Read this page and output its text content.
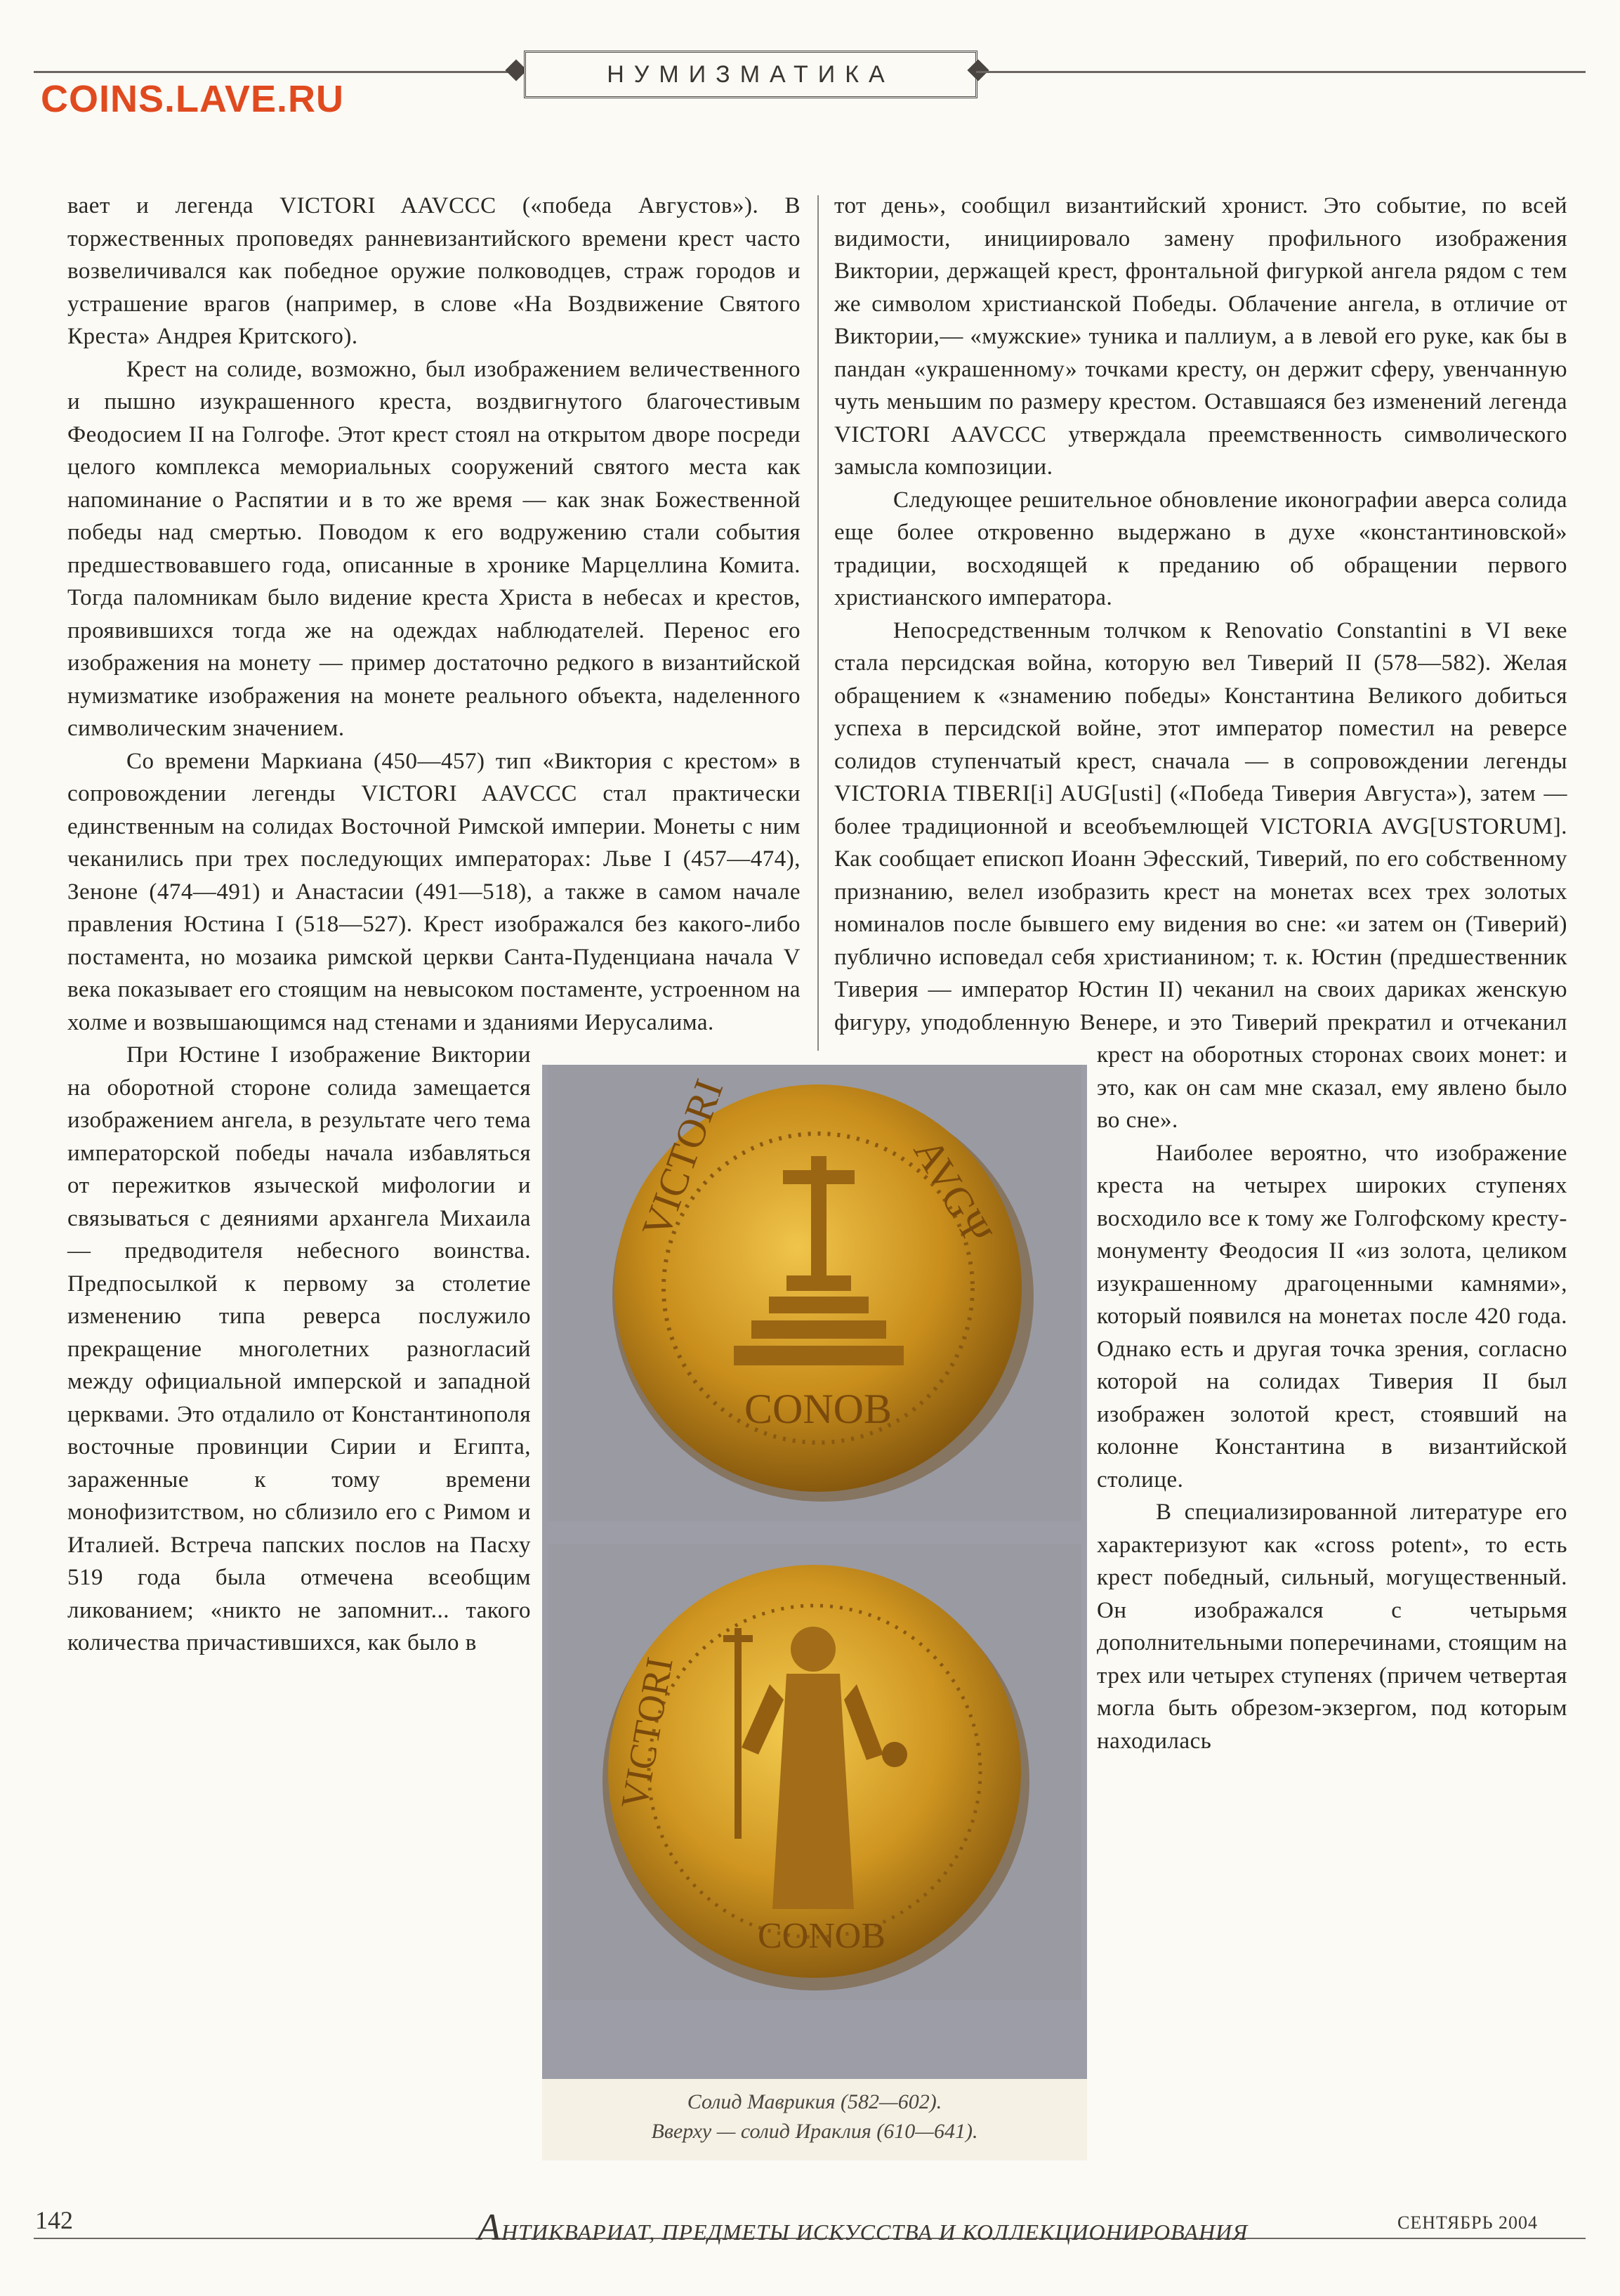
COINS.LAVE.RU
НУМИЗМАТИКА

вает и легенда VICTORI AAVCCC («победа Августов»). В торжественных проповедях ранневизантийского времени крест часто возвеличивался как победное оружие полководцев, страж городов и устрашение врагов (например, в слове «На Воздвижение Святого Креста» Андрея Критского).

Крест на солиде, возможно, был изображением величественного и пышно изукрашенного креста, воздвигнутого благочестивым Феодосием II на Голгофе. Этот крест стоял на открытом дворе посреди целого комплекса мемориальных сооружений святого места как напоминание о Распятии и в то же время — как знак Божественной победы над смертью. Поводом к его водружению стали события предшествовавшего года, описанные в хронике Марцеллина Комита. Тогда паломникам было видение креста Христа в небесах и крестов, проявившихся тогда же на одеждах наблюдателей. Перенос его изображения на монету — пример достаточно редкого в византийской нумизматике изображения на монете реального объекта, наделенного символическим значением.

Со времени Маркиана (450—457) тип «Виктория с крестом» в сопровождении легенды VICTORI AAVCCC стал практически единственным на солидах Восточной Римской империи. Монеты с ним чеканились при трех последующих императорах: Льве I (457—474), Зеноне (474—491) и Анастасии (491—518), а также в самом начале правления Юстина I (518—527). Крест изображался без какого-либо постамента, но мозаика римской церкви Санта-Пуденциана начала V века показывает его стоящим на невысоком постаменте, устроенном на холме и возвышающимся над стенами и зданиями Иерусалима.

При Юстине I изображение Виктории на оборотной стороне солида замещается изображением ангела, в результате чего тема императорской победы начала избавляться от пережитков языческой мифологии и связываться с деяниями архангела Михаила — предводителя небесного воинства. Предпосылкой к первому за столетие изменению типа реверса послужило прекращение многолетних разногласий между официальной имперской и западной церквами. Это отдалило от Константинополя восточные провинции Сирии и Египта, зараженные к тому времени монофизитством, но сблизило его с Римом и Италией. Встреча папских послов на Пасху 519 года была отмечена всеобщим ликованием; «никто не запомнит... такого количества причастившихся, как было в

тот день», сообщил византийский хронист. Это событие, по всей видимости, инициировало замену профильного изображения Виктории, держащей крест, фронтальной фигуркой ангела рядом с тем же символом христианской Победы. Облачение ангела, в отличие от Виктории,— «мужские» туника и паллиум, а в левой его руке, как бы в пандан «украшенному» точками кресту, он держит сферу, увенчанную чуть меньшим по размеру крестом. Оставшаяся без изменений легенда VICTORI AAVCCC утверждала преемственность символического замысла композиции.

Следующее решительное обновление иконографии аверса солида еще более откровенно выдержано в духе «константиновской» традиции, восходящей к преданию об обращении первого христианского императора.

Непосредственным толчком к Renovatio Constantini в VI веке стала персидская война, которую вел Тиверий II (578—582). Желая обращением к «знамению победы» Константина Великого добиться успеха в персидской войне, этот император поместил на реверсе солидов ступенчатый крест, сначала — в сопровождении легенды VICTORIA TIBERI[i] AUG[usti] («Победа Тиверия Августа»), затем — более традиционной и всеобъемлющей VICTORIA AVG[USTORUM]. Как сообщает епископ Иоанн Эфесский, Тиверий, по его собственному признанию, велел изобразить крест на монетах всех трех золотых номиналов после бывшего ему видения во сне: «и затем он (Тиверий) публично исповедал себя христианином; т. к. Юстин (предшественник Тиверия — император Юстин II) чеканил на своих дариках женскую фигуру, уподобленную Венере, и это Тиверий прекратил и отчеканил крест на оборотных сторонах своих монет: и это, как он сам мне сказал, ему явлено было во сне».

Наиболее вероятно, что изображение креста на четырех широких ступенях восходило все к тому же Голгофскому кресту-монументу Феодосия II «из золота, целиком изукрашенному драгоценными камнями», который появился на монетах после 420 года. Однако есть и другая точка зрения, согласно которой на солидах Тиверия II был изображен золотой крест, стоявший на колонне Константина в византийской столице.

В специализированной литературе его характеризуют как «cross potent», то есть крест победный, сильный, могущественный. Он изображался с четырьмя дополнительными поперечинами, стоящим на трех или четырех ступенях (причем четвертая могла быть обрезом-экзергом, под которым находилась

VICTORI	AVGΨ
CONOB
VICTORI
CONOB
Солид Маврикия (582—602).
Вверху — солид Ираклия (610—641).
142	АНТИКВАРИАТ, ПРЕДМЕТЫ ИСКУССТВА И КОЛЛЕКЦИОНИРОВАНИЯ	СЕНТЯБРЬ 2004
